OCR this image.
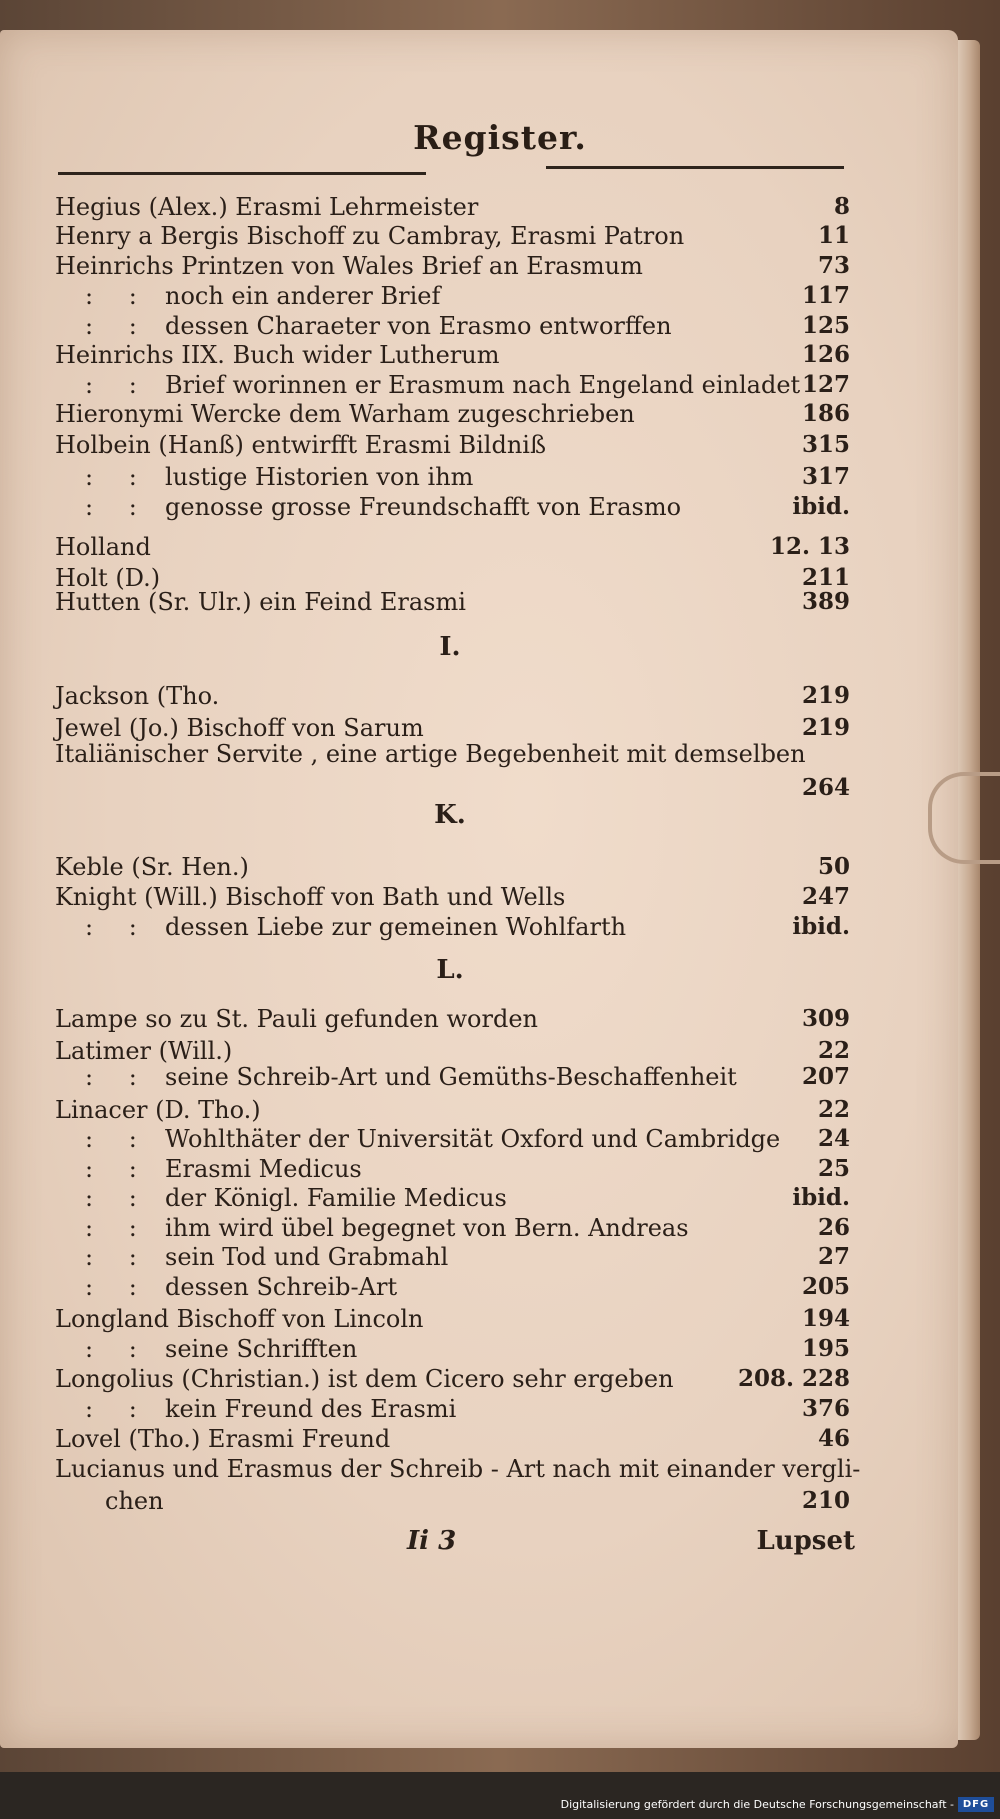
Register.
Hegius (Alex.) Erasmi Lehrmeister	8
Henry a Bergis Bischoff zu Cambray, Erasmi Patron	11
Heinrichs Printzen von Wales Brief an Erasmum	73
: : noch ein anderer Brief	117
: : dessen Charaeter von Erasmo entworffen	125
Heinrichs IIX. Buch wider Lutherum	126
: : Brief worinnen er Erasmum nach Engeland einladet 127
Hieronymi Wercke dem Warham zugeschrieben	186
Holbein (Hanß) entwirfft Erasmi Bildniß	315
: : lustige Historien von ihm	317
: : genosse grosse Freundschafft von Erasmo	ibid.
Holland	12. 13
Holt (D.)	211
Hutten (Sr. Ulr.) ein Feind Erasmi	389
I.
Jackson (Tho.	219
Jewel (Jo.) Bischoff von Sarum	219
Italiänischer Servite , eine artige Begebenheit mit demselben
264
K.
Keble (Sr. Hen.)	50
Knight (Will.) Bischoff von Bath und Wells	247
: : dessen Liebe zur gemeinen Wohlfarth	ibid.
L.
Lampe so zu St. Pauli gefunden worden	309
Latimer (Will.)	22
: : seine Schreib-Art und Gemüths-Beschaffenheit	207
Linacer (D. Tho.)	22
: : Wohlthäter der Universität Oxford und Cambridge 24
: : Erasmi Medicus	25
: : der Königl. Familie Medicus	ibid.
: : ihm wird übel begegnet von Bern. Andreas	26
: : sein Tod und Grabmahl	27
: : dessen Schreib-Art	205
Longland Bischoff von Lincoln	194
: : seine Schrifften	195
Longolius (Christian.) ist dem Cicero sehr ergeben	208. 228
: : kein Freund des Erasmi	376
Lovel (Tho.) Erasmi Freund	46
Lucianus und Erasmus der Schreib - Art nach mit einander vergli-
chen	210
Ii 3	Lupset
Digitalisierung gefördert durch die Deutsche Forschungsgemeinschaft - DFG
